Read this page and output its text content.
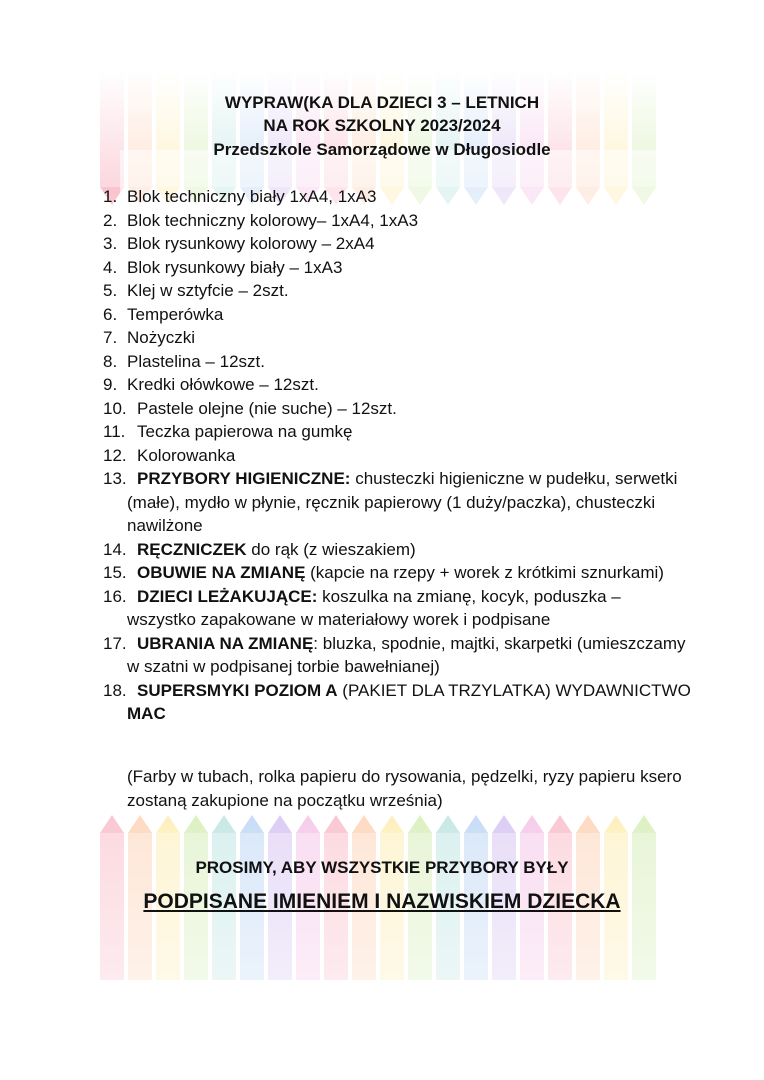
WYPRAW(KA DLA DZIECI 3 – LETNICH
NA ROK SZKOLNY 2023/2024
Przedszkole Samorządowe w Długosiodle
1. Blok techniczny biały 1xA4, 1xA3
2. Blok techniczny kolorowy– 1xA4, 1xA3
3. Blok rysunkowy kolorowy – 2xA4
4. Blok rysunkowy biały – 1xA3
5. Klej w sztyfcie – 2szt.
6. Temperówka
7. Nożyczki
8. Plastelina – 12szt.
9. Kredki ołówkowe – 12szt.
10. Pastele olejne (nie suche) – 12szt.
11. Teczka papierowa na gumkę
12. Kolorowanka
13. PRZYBORY HIGIENICZNE: chusteczki higieniczne w pudełku, serwetki (małe), mydło w płynie, ręcznik papierowy (1 duży/paczka), chusteczki nawilżone
14. RĘCZNICZEK do rąk (z wieszakiem)
15. OBUWIE NA ZMIANĘ (kapcie na rzepy + worek z krótkimi sznurkami)
16. DZIECI LEŻAKUJĄCE: koszulka na zmianę, kocyk, poduszka – wszystko zapakowane w materiałowy worek i podpisane
17. UBRANIA NA ZMIANĘ: bluzka, spodnie, majtki, skarpetki (umieszczamy w szatni w podpisanej torbie bawełnianej)
18. SUPERSMYKI POZIOM A (PAKIET DLA TRZYLATKA) WYDAWNICTWO MAC
(Farby w tubach, rolka papieru do rysowania, pędzelki, ryzy papieru ksero zostaną zakupione na początku września)
PROSIMY, ABY WSZYSTKIE PRZYBORY BYŁY
PODPISANE IMIENIEM I NAZWISKIEM DZIECKA
